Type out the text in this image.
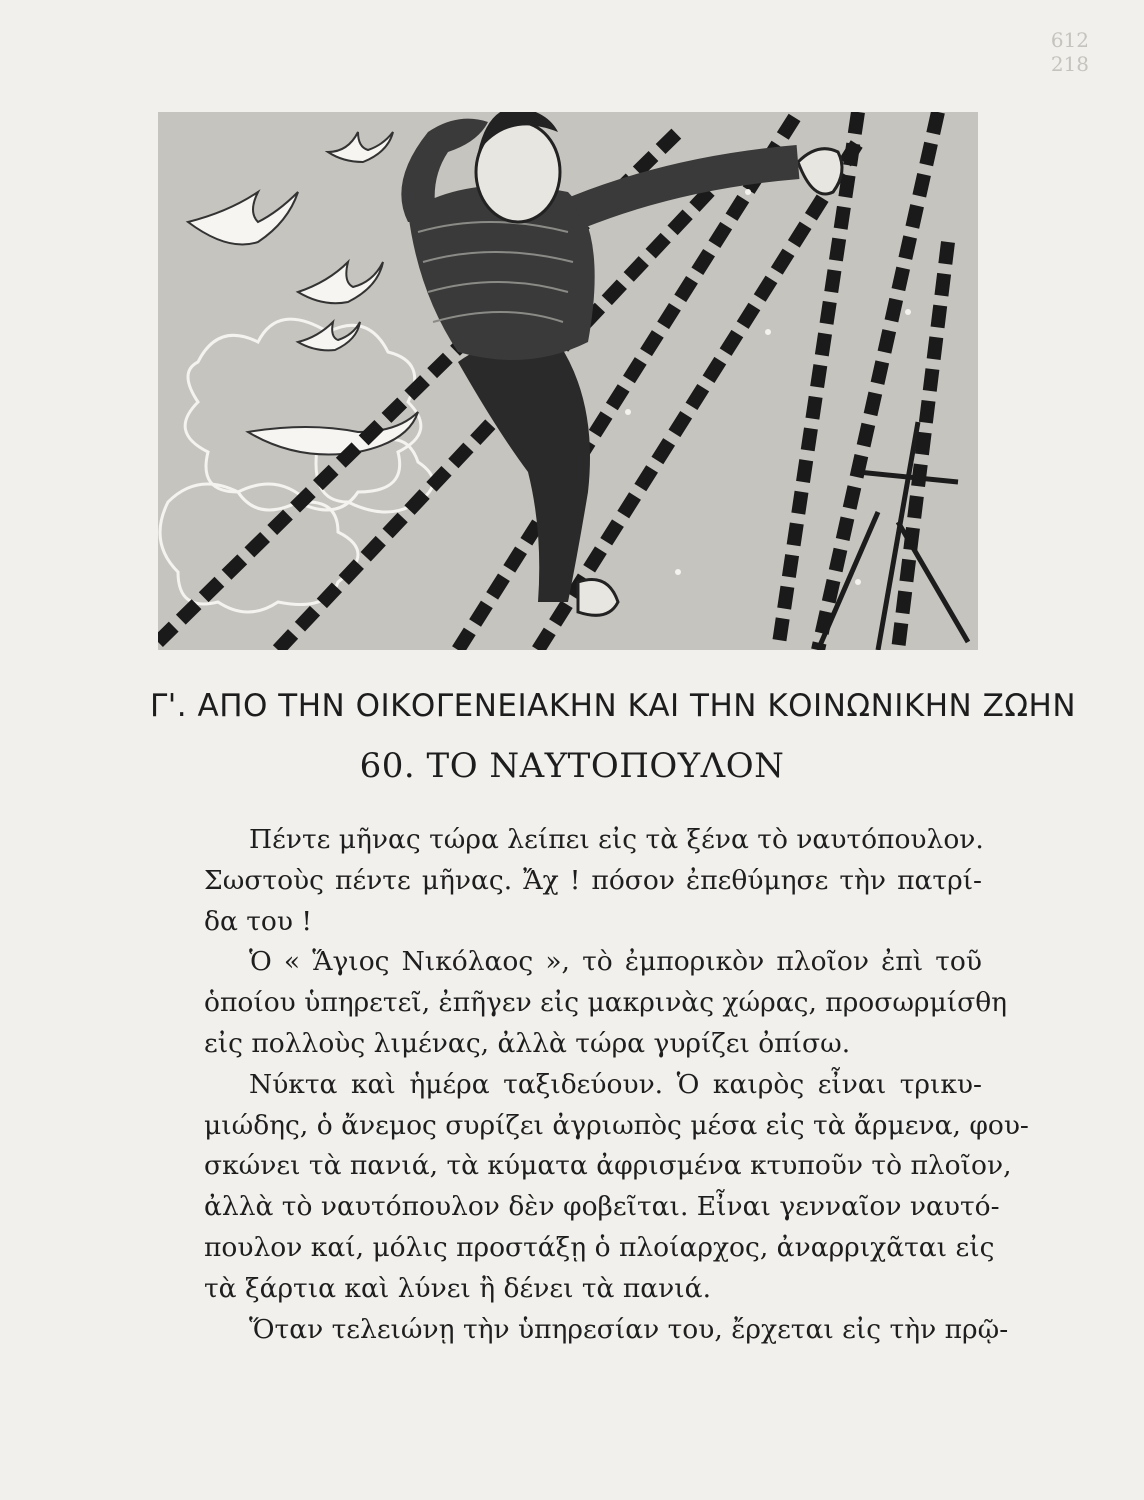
612
218
Γ'. ΑΠΟ ΤΗΝ ΟΙΚΟΓΕΝΕΙΑΚΗΝ ΚΑΙ ΤΗΝ ΚΟΙΝΩΝΙΚΗΝ ΖΩΗΝ
60. ΤΟ ΝΑΥΤΟΠΟΥΛΟΝ
Πέντε μῆνας τώρα λείπει εἰς τὰ ξένα τὸ ναυτόπουλον.
Σωστοὺς πέντε μῆνας. Ἄχ ! πόσον ἐπεθύμησε τὴν πατρί-
δα του !
Ὁ « Ἅγιος Νικόλαος », τὸ ἐμπορικὸν πλοῖον ἐπὶ τοῦ
ὁποίου ὑπηρετεῖ, ἐπῆγεν εἰς μακρινὰς χώρας, προσωρμίσθη
εἰς πολλοὺς λιμένας, ἀλλὰ τώρα γυρίζει ὀπίσω.
Νύκτα καὶ ἡμέρα ταξιδεύουν. Ὁ καιρὸς εἶναι τρικυ-
μιώδης, ὁ ἄνεμος συρίζει ἀγριωπὸς μέσα εἰς τὰ ἄρμενα, φου-
σκώνει τὰ πανιά, τὰ κύματα ἀφρισμένα κτυποῦν τὸ πλοῖον,
ἀλλὰ τὸ ναυτόπουλον δὲν φοβεῖται. Εἶναι γενναῖον ναυτό-
πουλον καί, μόλις προστάξῃ ὁ πλοίαρχος, ἀναρριχᾶται εἰς
τὰ ξάρτια καὶ λύνει ἢ δένει τὰ πανιά.
Ὅταν τελειώνῃ τὴν ὑπηρεσίαν του, ἔρχεται εἰς τὴν πρῷ-
